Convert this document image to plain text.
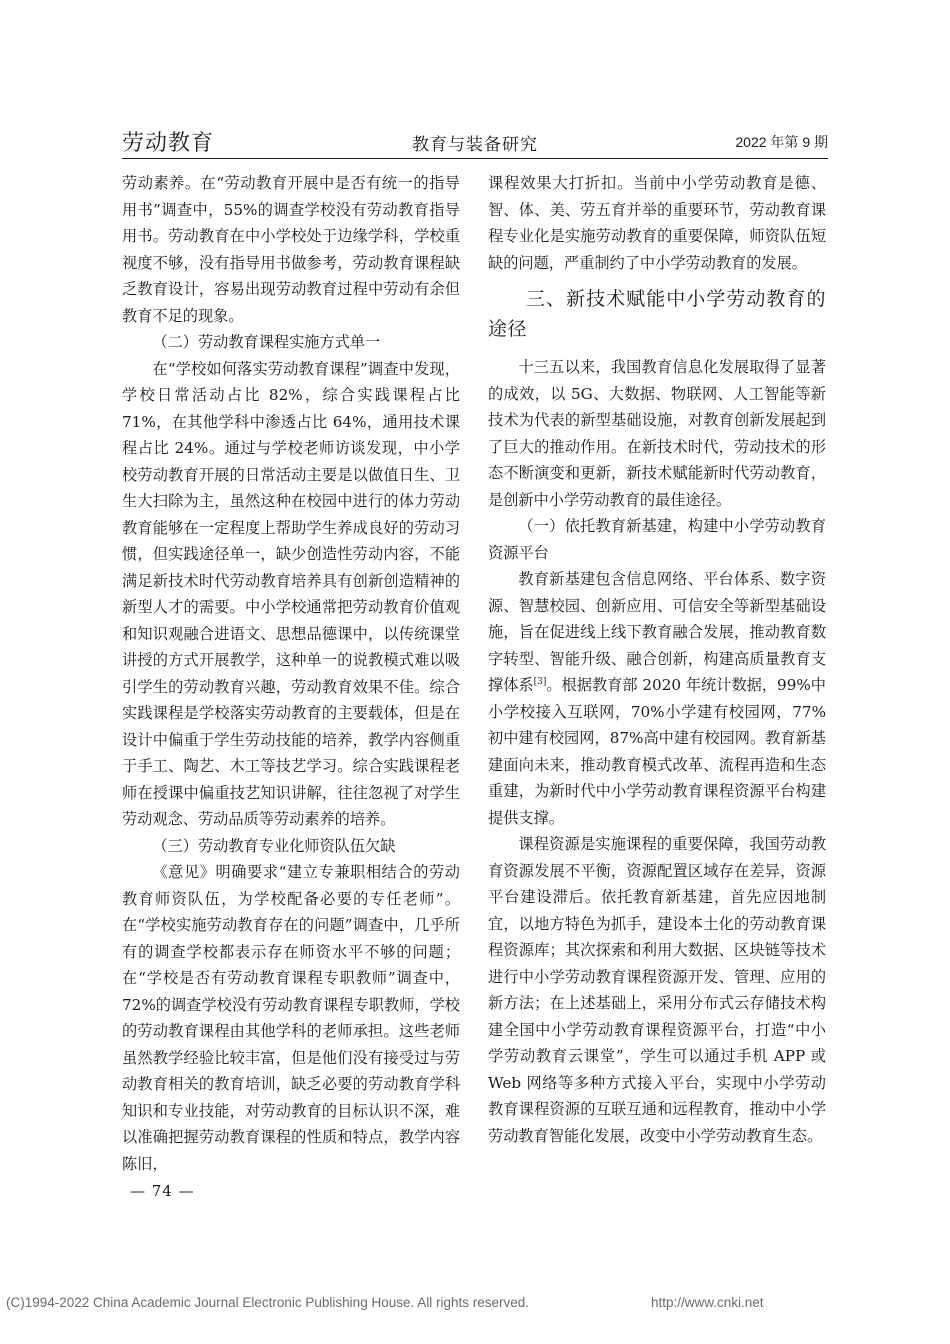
劳动教育	教育与装备研究	2022 年第 9 期

劳动素养。在“劳动教育开展中是否有统一的指导用书”调查中，55%的调查学校没有劳动教育指导用书。劳动教育在中小学校处于边缘学科，学校重视度不够，没有指导用书做参考，劳动教育课程缺乏教育设计，容易出现劳动教育过程中劳动有余但教育不足的现象。

（二）劳动教育课程实施方式单一

在“学校如何落实劳动教育课程”调查中发现，学校日常活动占比 82%，综合实践课程占比 71%，在其他学科中渗透占比 64%，通用技术课程占比 24%。通过与学校老师访谈发现，中小学校劳动教育开展的日常活动主要是以做值日生、卫生大扫除为主，虽然这种在校园中进行的体力劳动教育能够在一定程度上帮助学生养成良好的劳动习惯，但实践途径单一，缺少创造性劳动内容，不能满足新技术时代劳动教育培养具有创新创造精神的新型人才的需要。中小学校通常把劳动教育价值观和知识观融合进语文、思想品德课中，以传统课堂讲授的方式开展教学，这种单一的说教模式难以吸引学生的劳动教育兴趣，劳动教育效果不佳。综合实践课程是学校落实劳动教育的主要载体，但是在设计中偏重于学生劳动技能的培养，教学内容侧重于手工、陶艺、木工等技艺学习。综合实践课程老师在授课中偏重技艺知识讲解，往往忽视了对学生劳动观念、劳动品质等劳动素养的培养。

（三）劳动教育专业化师资队伍欠缺

《意见》明确要求“建立专兼职相结合的劳动教育师资队伍，为学校配备必要的专任老师”。在“学校实施劳动教育存在的问题”调查中，几乎所有的调查学校都表示存在师资水平不够的问题；在“学校是否有劳动教育课程专职教师”调查中，72%的调查学校没有劳动教育课程专职教师，学校的劳动教育课程由其他学科的老师承担。这些老师虽然教学经验比较丰富，但是他们没有接受过与劳动教育相关的教育培训，缺乏必要的劳动教育学科知识和专业技能，对劳动教育的目标认识不深，难以准确把握劳动教育课程的性质和特点，教学内容陈旧，

课程效果大打折扣。当前中小学劳动教育是德、智、体、美、劳五育并举的重要环节，劳动教育课程专业化是实施劳动教育的重要保障，师资队伍短缺的问题，严重制约了中小学劳动教育的发展。

三、新技术赋能中小学劳动教育的途径

十三五以来，我国教育信息化发展取得了显著的成效，以 5G、大数据、物联网、人工智能等新技术为代表的新型基础设施，对教育创新发展起到了巨大的推动作用。在新技术时代，劳动技术的形态不断演变和更新，新技术赋能新时代劳动教育，是创新中小学劳动教育的最佳途径。

（一）依托教育新基建，构建中小学劳动教育资源平台

教育新基建包含信息网络、平台体系、数字资源、智慧校园、创新应用、可信安全等新型基础设施，旨在促进线上线下教育融合发展，推动教育数字转型、智能升级、融合创新，构建高质量教育支撑体系[3]。根据教育部 2020 年统计数据，99%中小学校接入互联网，70%小学建有校园网，77%初中建有校园网，87%高中建有校园网。教育新基建面向未来，推动教育模式改革、流程再造和生态重建，为新时代中小学劳动教育课程资源平台构建提供支撑。

课程资源是实施课程的重要保障，我国劳动教育资源发展不平衡，资源配置区域存在差异，资源平台建设滞后。依托教育新基建，首先应因地制宜，以地方特色为抓手，建设本土化的劳动教育课程资源库；其次探索和利用大数据、区块链等技术进行中小学劳动教育课程资源开发、管理、应用的新方法；在上述基础上，采用分布式云存储技术构建全国中小学劳动教育课程资源平台，打造“中小学劳动教育云课堂”，学生可以通过手机 APP 或 Web 网络等多种方式接入平台，实现中小学劳动教育课程资源的互联互通和远程教育，推动中小学劳动教育智能化发展，改变中小学劳动教育生态。

— 74 —
(C)1994-2022 China Academic Journal Electronic Publishing House. All rights reserved.	http://www.cnki.net
